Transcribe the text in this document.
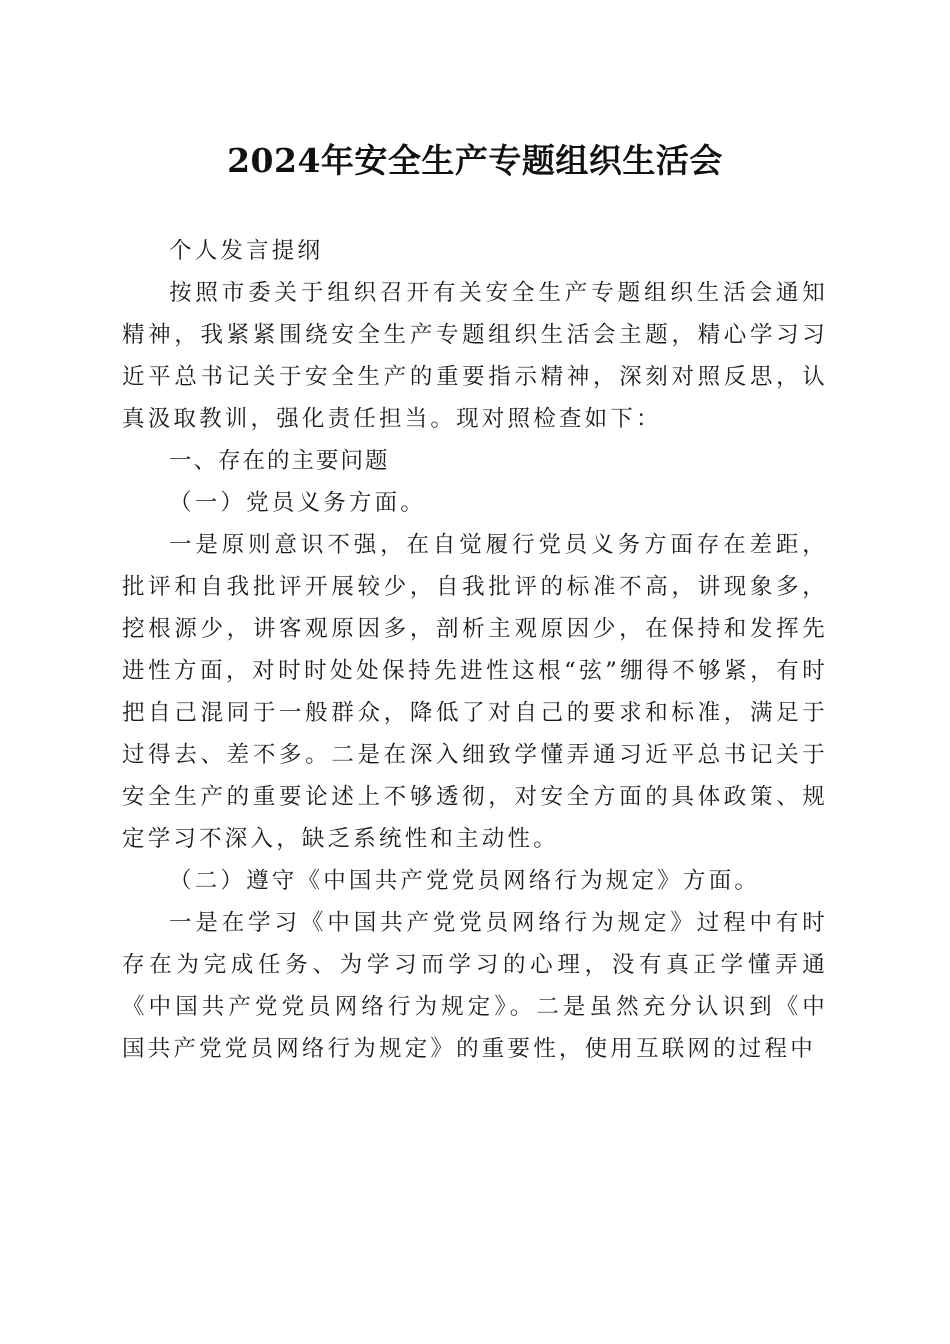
2024年安全生产专题组织生活会

个人发言提纲

按照市委关于组织召开有关安全生产专题组织生活会通知精神，我紧紧围绕安全生产专题组织生活会主题，精心学习习近平总书记关于安全生产的重要指示精神，深刻对照反思，认真汲取教训，强化责任担当。现对照检查如下：

一、存在的主要问题

（一）党员义务方面。

一是原则意识不强，在自觉履行党员义务方面存在差距，批评和自我批评开展较少，自我批评的标准不高，讲现象多，挖根源少，讲客观原因多，剖析主观原因少，在保持和发挥先进性方面，对时时处处保持先进性这根“弦”绷得不够紧，有时把自己混同于一般群众，降低了对自己的要求和标准，满足于过得去、差不多。二是在深入细致学懂弄通习近平总书记关于安全生产的重要论述上不够透彻，对安全方面的具体政策、规定学习不深入，缺乏系统性和主动性。

（二）遵守《中国共产党党员网络行为规定》方面。

一是在学习《中国共产党党员网络行为规定》过程中有时存在为完成任务、为学习而学习的心理，没有真正学懂弄通《中国共产党党员网络行为规定》。二是虽然充分认识到《中国共产党党员网络行为规定》的重要性，使用互联网的过程中
